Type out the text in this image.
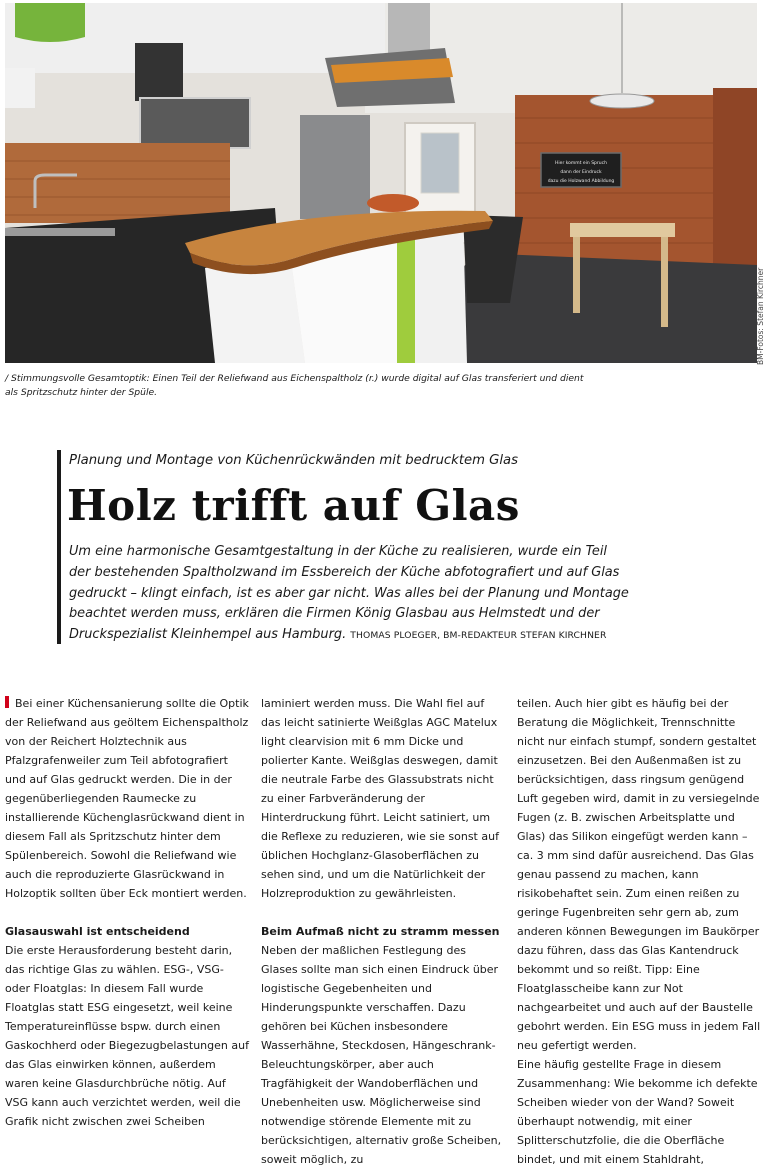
Hier kommt ein Spruch
dann der Eindruck
dazu die Holzwand Abbildung
BM-Fotos: Stefan Kirchner
/ Stimmungsvolle Gesamtoptik: Einen Teil der Reliefwand aus Eichenspaltholz (r.) wurde digital auf Glas transferiert und dient als Spritzschutz hinter der Spüle.
Planung und Montage von Küchenrückwänden mit bedrucktem Glas
Holz trifft auf Glas
Um eine harmonische Gesamtgestaltung in der Küche zu realisieren, wurde ein Teil der bestehenden Spaltholzwand im Essbereich der Küche abfotografiert und auf Glas gedruckt – klingt einfach, ist es aber gar nicht. Was alles bei der Planung und Montage beachtet werden muss, erklären die Firmen König Glasbau aus Helmstedt und der Druckspezialist Kleinhempel aus Hamburg. THOMAS PLOEGER, BM-REDAKTEUR STEFAN KIRCHNER

Bei einer Küchensanierung sollte die Optik der Reliefwand aus geöltem Eichenspaltholz von der Reichert Holztechnik aus Pfalzgrafenweiler zum Teil abfotografiert und auf Glas gedruckt werden. Die in der gegenüberliegenden Raumecke zu installierende Küchenglasrückwand dient in diesem Fall als Spritzschutz hinter dem Spülenbereich. Sowohl die Reliefwand wie auch die reproduzierte Glasrückwand in Holzoptik sollten über Eck montiert werden.

Glasauswahl ist entscheidend

Die erste Herausforderung besteht darin, das richtige Glas zu wählen. ESG-, VSG- oder Floatglas: In diesem Fall wurde Floatglas statt ESG eingesetzt, weil keine Temperatureinflüsse bspw. durch einen Gaskochherd oder Biegezugbelastungen auf das Glas einwirken können, außerdem waren keine Glasdurchbrüche nötig. Auf VSG kann auch verzichtet werden, weil die Grafik nicht zwischen zwei Scheiben

laminiert werden muss. Die Wahl fiel auf das leicht satinierte Weißglas AGC Matelux light clearvision mit 6 mm Dicke und polierter Kante. Weißglas deswegen, damit die neutrale Farbe des Glassubstrats nicht zu einer Farbveränderung der Hinterdruckung führt. Leicht satiniert, um die Reflexe zu reduzieren, wie sie sonst auf üblichen Hochglanz-Glasoberflächen zu sehen sind, und um die Natürlichkeit der Holzreproduktion zu gewährleisten.

Beim Aufmaß nicht zu stramm messen

Neben der maßlichen Festlegung des Glases sollte man sich einen Eindruck über logistische Gegebenheiten und Hinderungspunkte verschaffen. Dazu gehören bei Küchen insbesondere Wasserhähne, Steckdosen, Hängeschrank-Beleuchtungskörper, aber auch Tragfähigkeit der Wandoberflächen und Unebenheiten usw. Möglicherweise sind notwendige störende Elemente mit zu berücksichtigen, alternativ große Scheiben, soweit möglich, zu

teilen. Auch hier gibt es häufig bei der Beratung die Möglichkeit, Trennschnitte nicht nur einfach stumpf, sondern gestaltet einzusetzen. Bei den Außenmaßen ist zu berücksichtigen, dass ringsum genügend Luft gegeben wird, damit in zu versiegelnde Fugen (z. B. zwischen Arbeitsplatte und Glas) das Silikon eingefügt werden kann – ca. 3 mm sind dafür ausreichend. Das Glas genau passend zu machen, kann risikobehaftet sein. Zum einen reißen zu geringe Fugenbreiten sehr gern ab, zum anderen können Bewegungen im Baukörper dazu führen, dass das Glas Kantendruck bekommt und so reißt. Tipp: Eine Floatglasscheibe kann zur Not nachgearbeitet und auch auf der Baustelle gebohrt werden. Ein ESG muss in jedem Fall neu gefertigt werden.

Eine häufig gestellte Frage in diesem Zusammenhang: Wie bekomme ich defekte Scheiben wieder von der Wand? Soweit überhaupt notwendig, mit einer Splitterschutzfolie, die die Oberfläche bindet, und mit einem Stahldraht,
